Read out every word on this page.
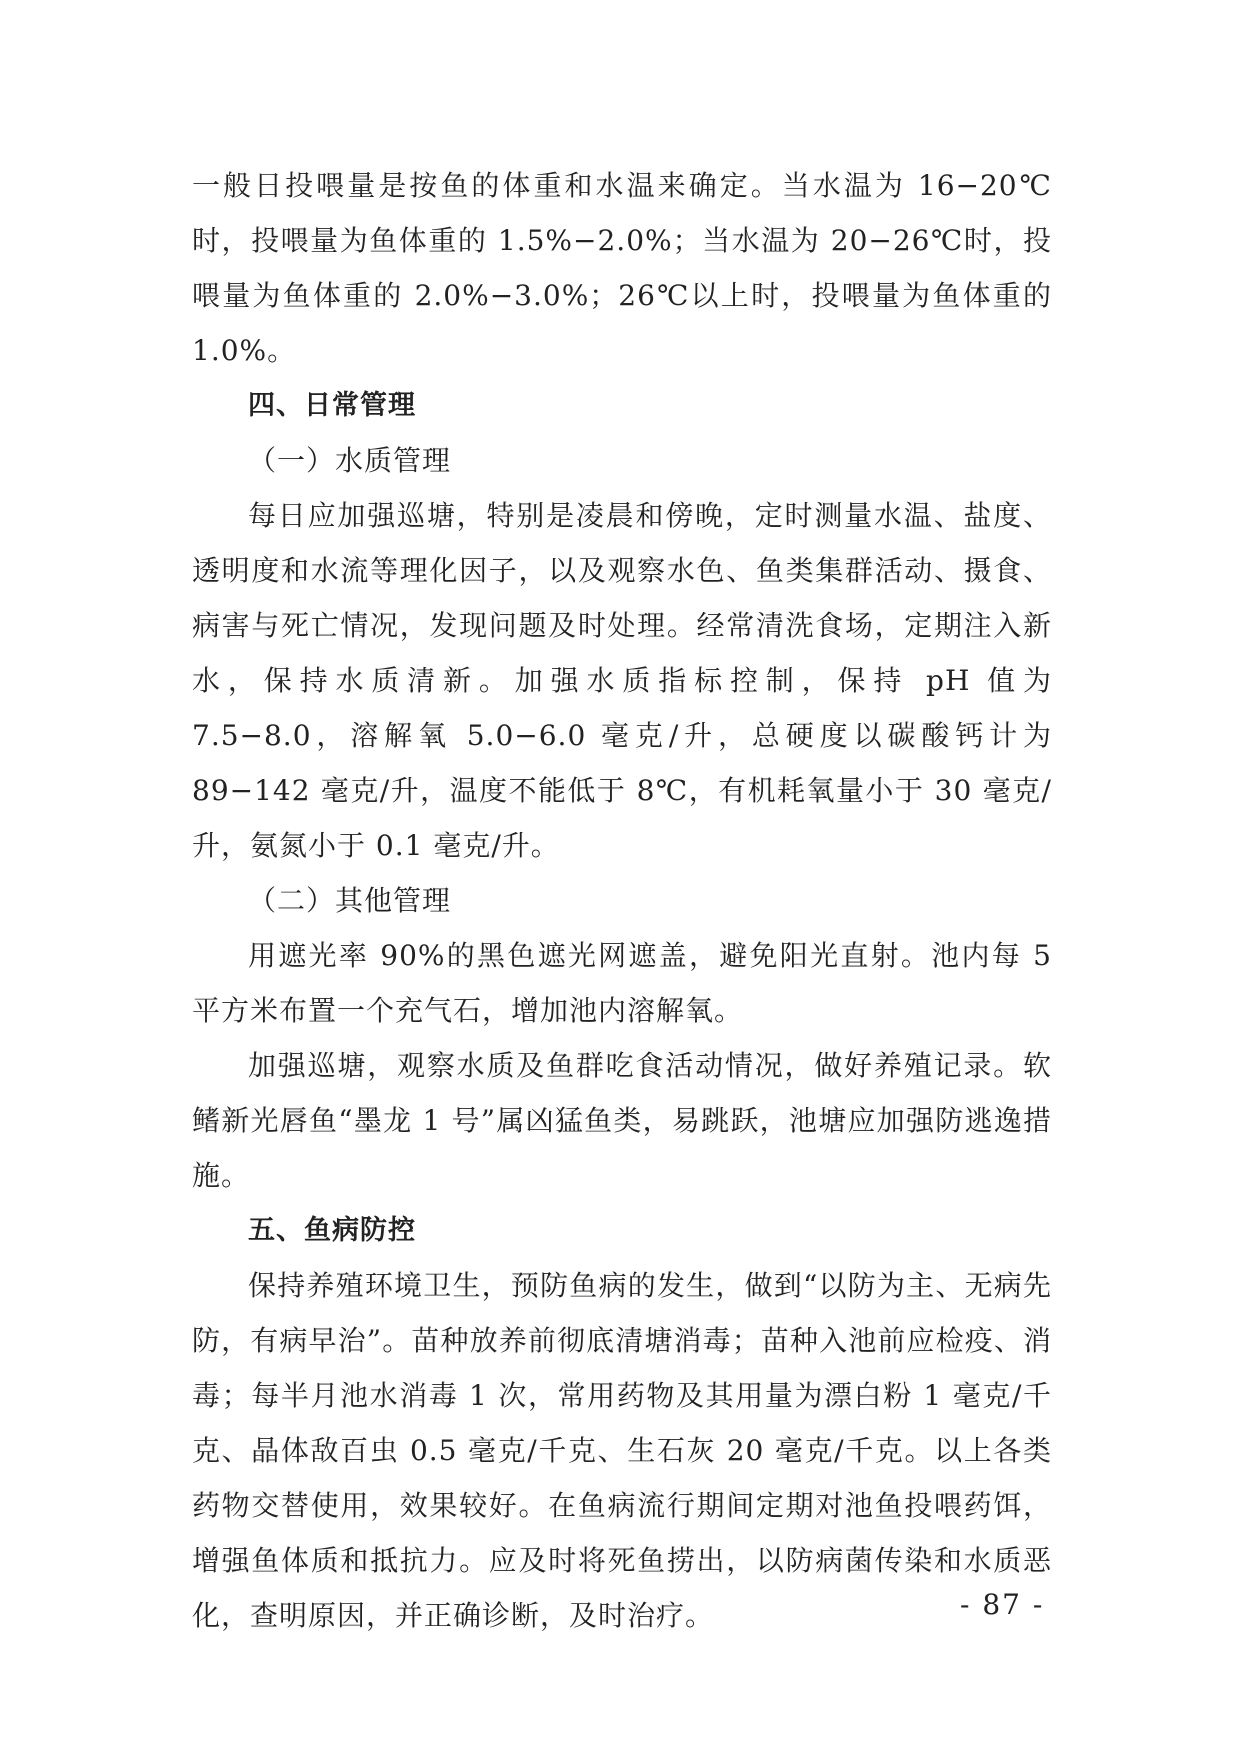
一般日投喂量是按鱼的体重和水温来确定。当水温为 16−20℃时，投喂量为鱼体重的 1.5%−2.0%；当水温为 20−26℃时，投喂量为鱼体重的 2.0%−3.0%；26℃以上时，投喂量为鱼体重的 1.0%。

四、日常管理

（一）水质管理

每日应加强巡塘，特别是凌晨和傍晚，定时测量水温、盐度、透明度和水流等理化因子，以及观察水色、鱼类集群活动、摄食、病害与死亡情况，发现问题及时处理。经常清洗食场，定期注入新水，保持水质清新。加强水质指标控制，保持 pH 值为 7.5−8.0，溶解氧 5.0−6.0 毫克/升，总硬度以碳酸钙计为 89−142 毫克/升，温度不能低于 8℃，有机耗氧量小于 30 毫克/升，氨氮小于 0.1 毫克/升。

（二）其他管理

用遮光率 90%的黑色遮光网遮盖，避免阳光直射。池内每 5 平方米布置一个充气石，增加池内溶解氧。

加强巡塘，观察水质及鱼群吃食活动情况，做好养殖记录。软鳍新光唇鱼“墨龙 1 号”属凶猛鱼类，易跳跃，池塘应加强防逃逸措施。

五、鱼病防控

保持养殖环境卫生，预防鱼病的发生，做到“以防为主、无病先防，有病早治”。苗种放养前彻底清塘消毒；苗种入池前应检疫、消毒；每半月池水消毒 1 次，常用药物及其用量为漂白粉 1 毫克/千克、晶体敌百虫 0.5 毫克/千克、生石灰 20 毫克/千克。以上各类药物交替使用，效果较好。在鱼病流行期间定期对池鱼投喂药饵，增强鱼体质和抵抗力。应及时将死鱼捞出，以防病菌传染和水质恶化，查明原因，并正确诊断，及时治疗。	- 87 -
